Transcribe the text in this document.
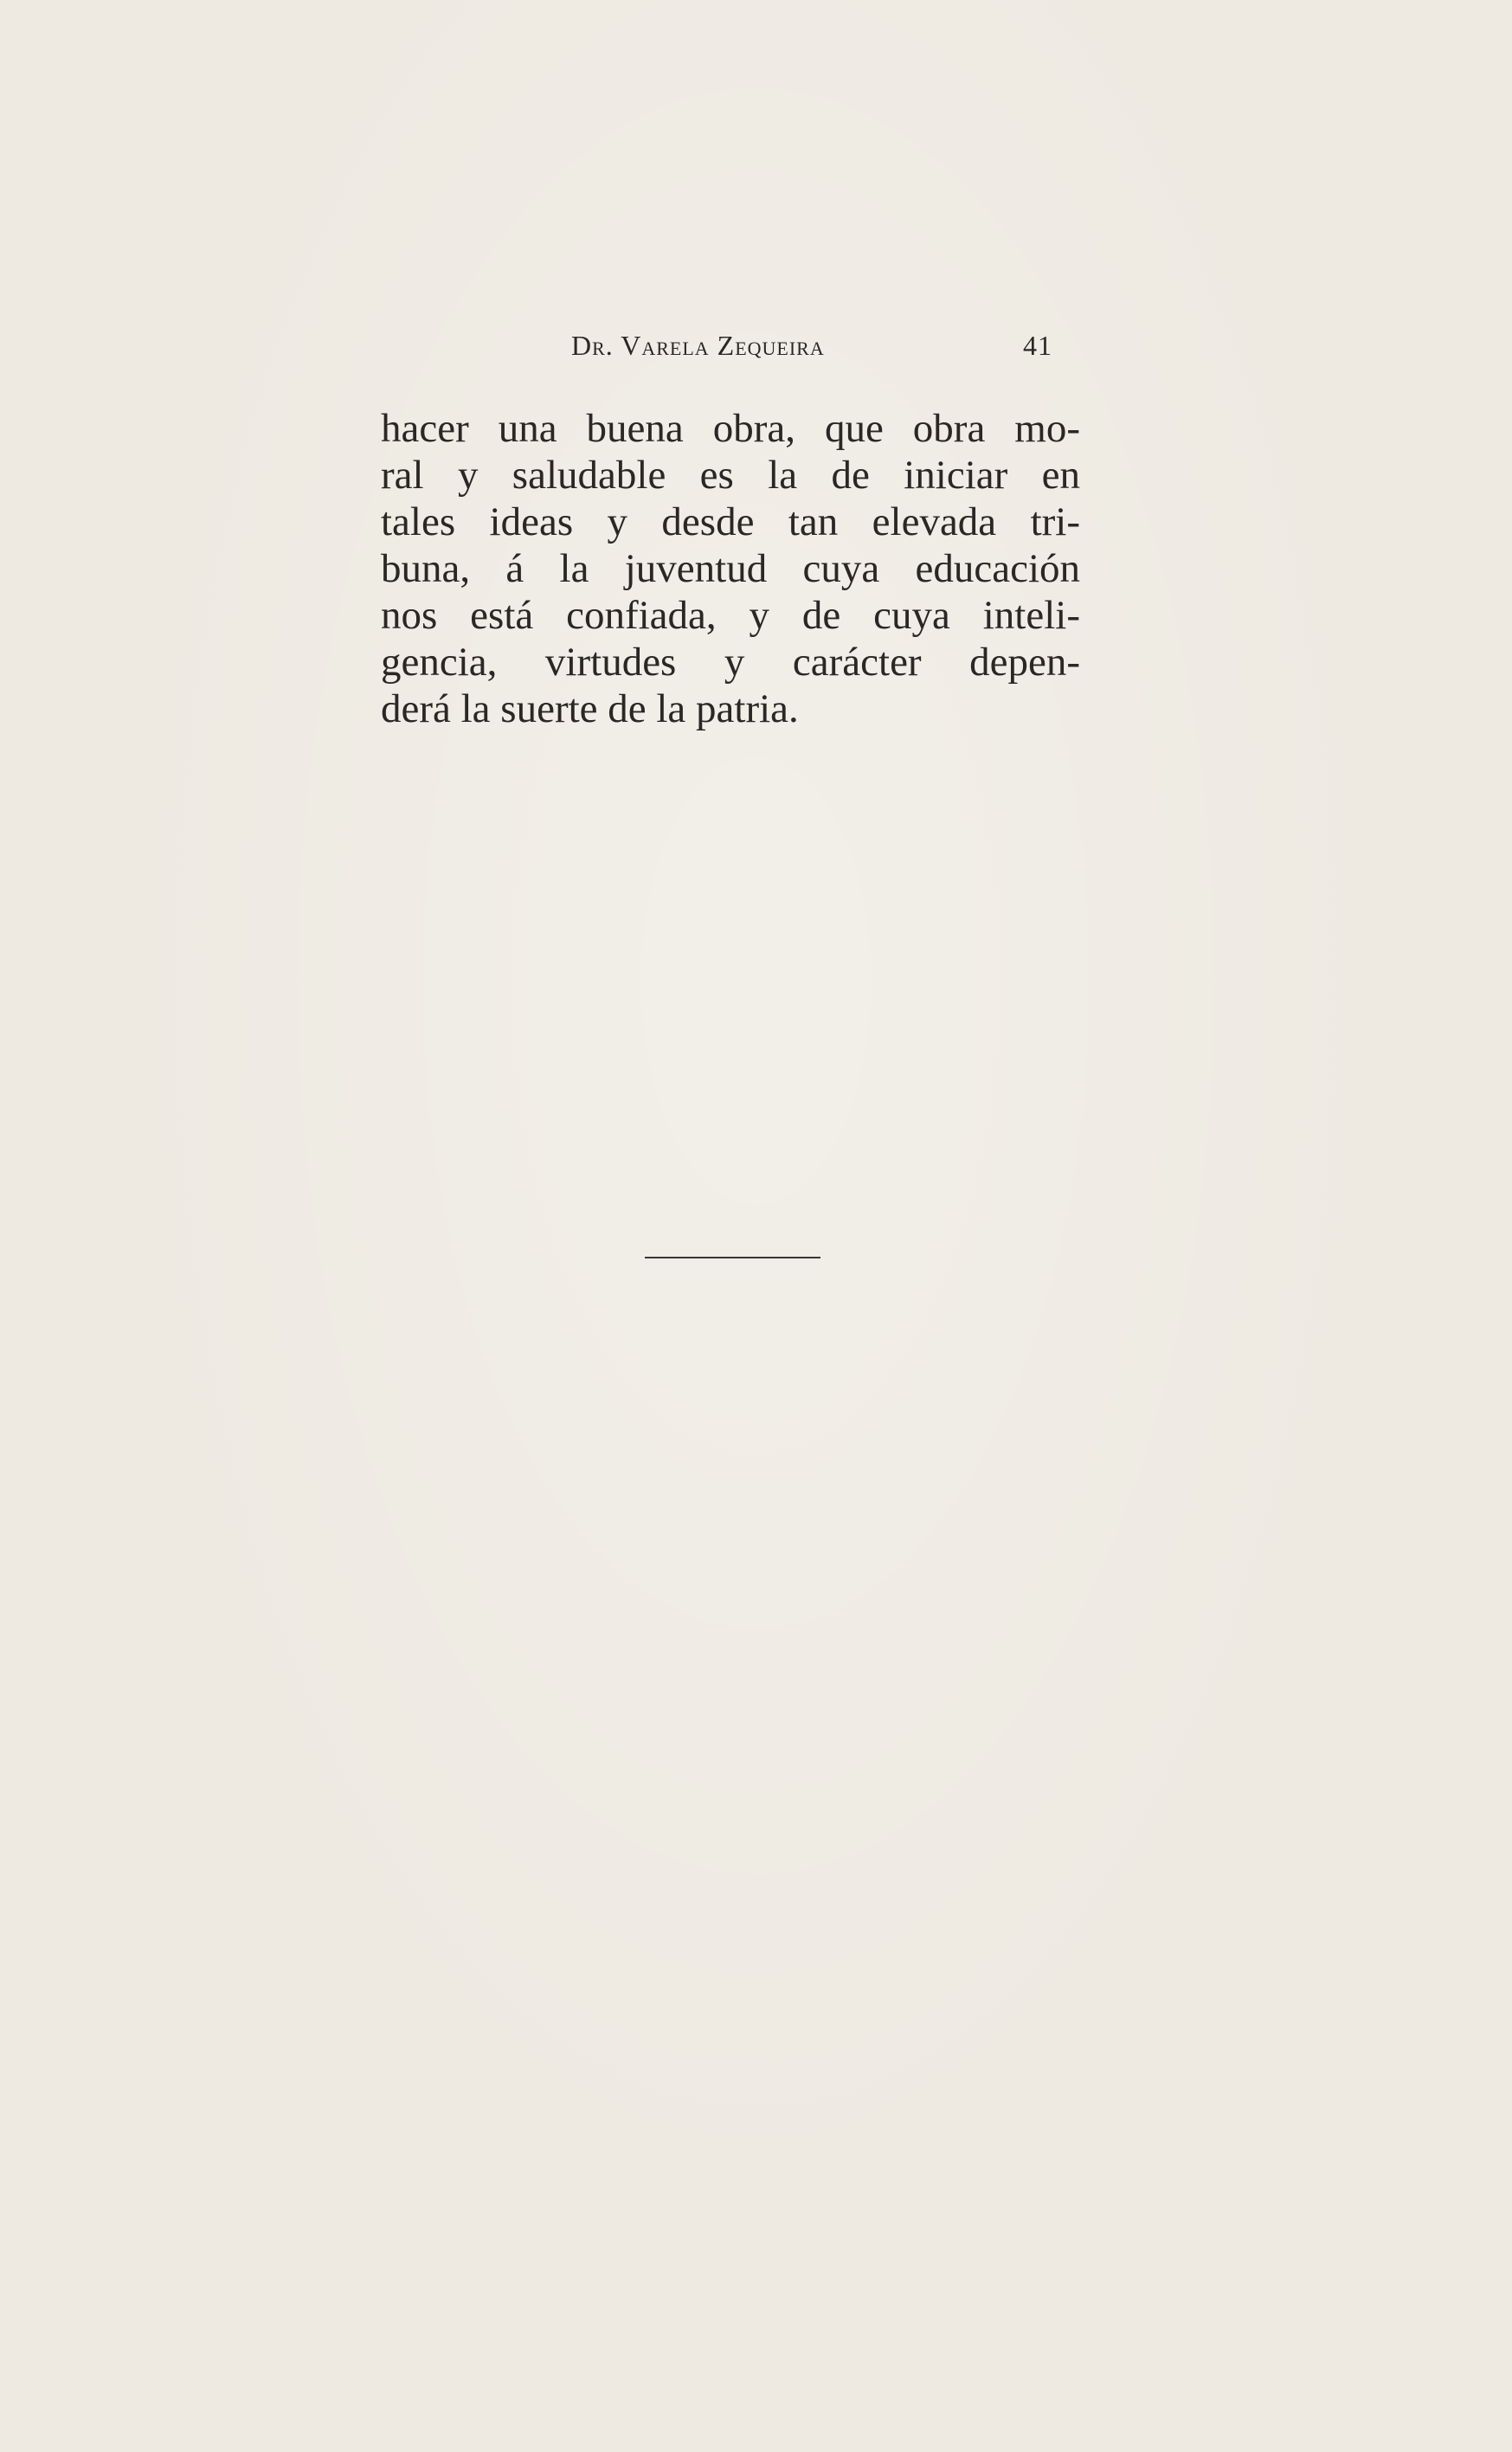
Dr. Varela Zequeira	41
hacer una buena obra, que obra mo-
ral y saludable es la de iniciar en
tales ideas y desde tan elevada tri-
buna, á la juventud cuya educación
nos está confiada, y de cuya inteli-
gencia, virtudes y carácter depen-
derá la suerte de la patria.
